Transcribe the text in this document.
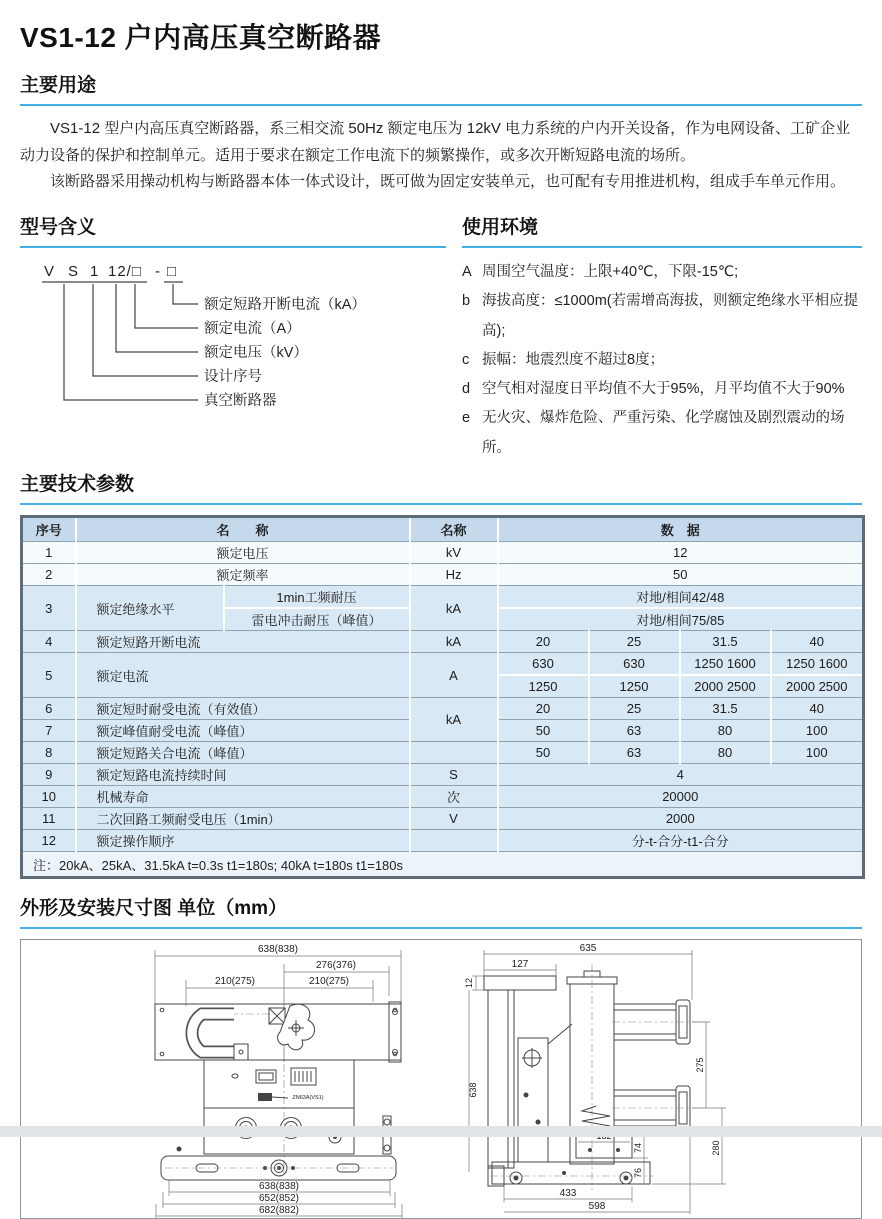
VS1-12 户内高压真空断路器
主要用途

VS1-12 型户内高压真空断路器，系三相交流 50Hz 额定电压为 12kV 电力系统的户内开关设备，作为电网设备、工矿企业动力设备的保护和控制单元。适用于要求在额定工作电流下的频繁操作，或多次开断短路电流的场所。

该断路器采用操动机构与断路器本体一体式设计，既可做为固定安装单元，也可配有专用推进机构，组成手车单元作用。

型号含义
V S 1 12/□ - □
额定短路开断电流（kA）
额定电流（A）
额定电压（kV）
设计序号
真空断路器
使用环境
A 周围空气温度：上限+40℃，下限-15℃;
b 海拔高度：≤1000m(若需增高海拔，则额定绝缘水平相应提高);
c 振幅：地震烈度不超过8度；
d 空气相对湿度日平均值不大于95%，月平均值不大于90%
e 无火灾、爆炸危险、严重污染、化学腐蚀及剧烈震动的场所。
主要技术参数
序号	名　　称		名称	数　据			
1	额定电压		kV	12			
2	额定频率		Hz	50			
3	额定绝缘水平	1min工频耐压	kA	对地/相间42/48			
		雷电冲击耐压（峰值）		对地/相间75/85			
4	额定短路开断电流		kA	20	25	31.5	40
5	额定电流		A	630	630	1250 1600	1250 1600
				1250	1250	2000 2500	2000 2500
6	额定短时耐受电流（有效值）		kA	20	25	31.5	40
7	额定峰值耐受电流（峰值）			50	63	80	100
8	额定短路关合电流（峰值）			50	63	80	100
9	额定短路电流持续时间		S	4			
10	机械寿命		次	20000			
11	二次回路工频耐受电压（1min）		V	2000			
12	额定操作顺序			分-t-合分-t1-合分			
注：20kA、25kA、31.5kA t=0.3s t1=180s; 40kA t=180s t1=180s							
外形及安装尺寸图 单位（mm）
638(838)
276(376)
210(275)	210(275)
ZN63A(VS1)
638(838)
652(852)
682(882)
635
127
12
638
275
280
74
76
433
598
